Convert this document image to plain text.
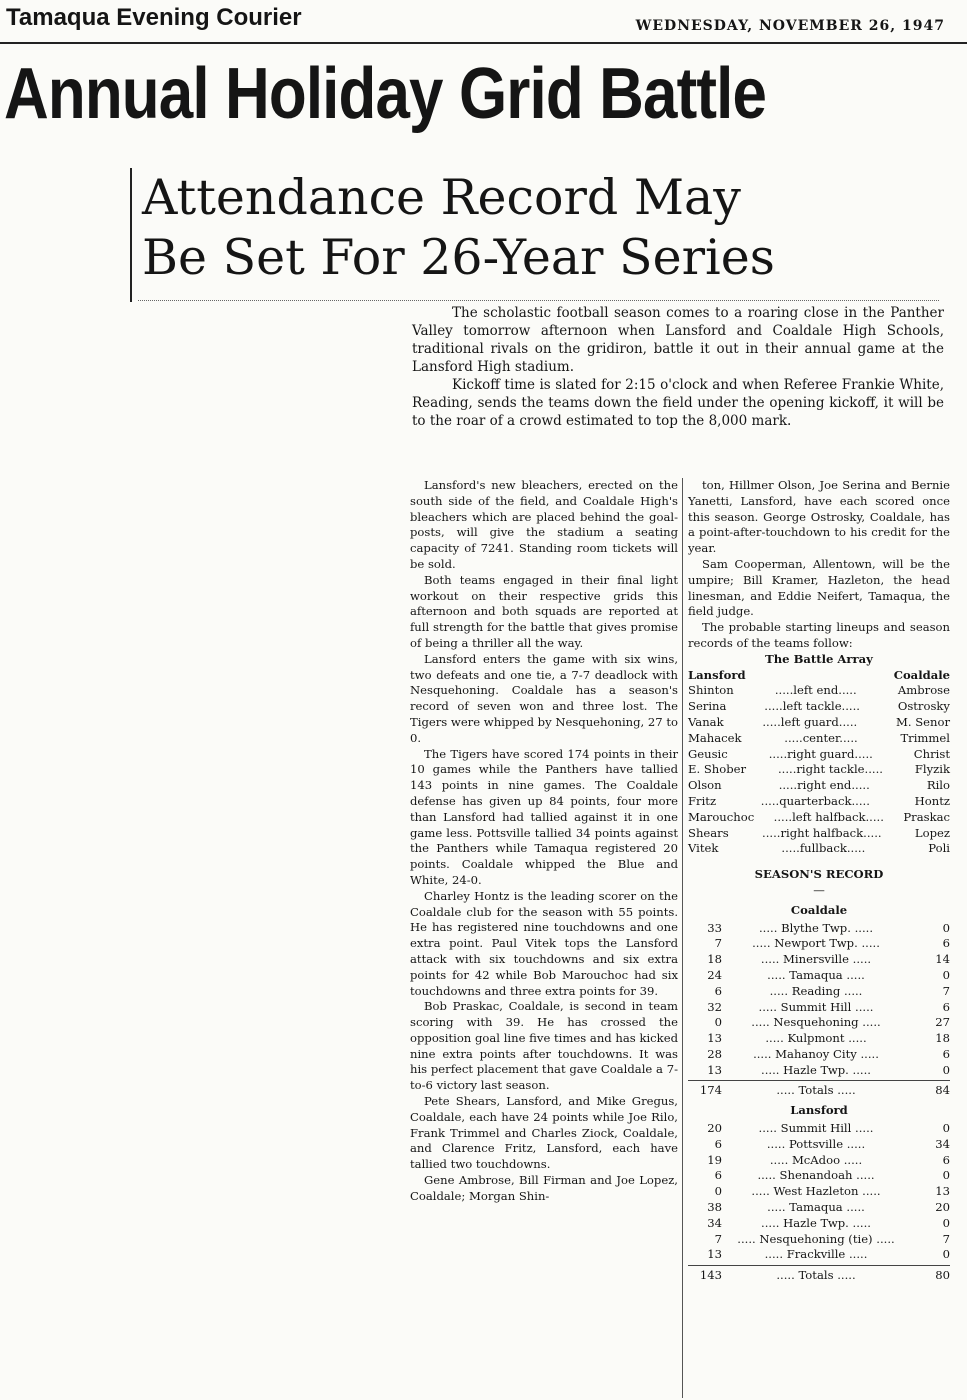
Tamaqua Evening Courier	WEDNESDAY, NOVEMBER 26, 1947
Annual Holiday Grid Battle
Attendance Record May
Be Set For 26-Year Series

The scholastic football season comes to a roaring close in the Panther Valley tomorrow afternoon when Lansford and Coaldale High Schools, traditional rivals on the gridiron, battle it out in their annual game at the Lansford High stadium.

Kickoff time is slated for 2:15 o'clock and when Referee Frankie White, Reading, sends the teams down the field under the opening kickoff, it will be to the roar of a crowd estimated to top the 8,000 mark.

Lansford's new bleachers, erected on the south side of the field, and Coaldale High's bleachers which are placed behind the goal-posts, will give the stadium a seating capacity of 7241. Standing room tickets will be sold.

Both teams engaged in their final light workout on their respective grids this afternoon and both squads are reported at full strength for the battle that gives promise of being a thriller all the way.

Lansford enters the game with six wins, two defeats and one tie, a 7-7 deadlock with Nesquehoning. Coaldale has a season's record of seven won and three lost. The Tigers were whipped by Nesquehoning, 27 to 0.

The Tigers have scored 174 points in their 10 games while the Panthers have tallied 143 points in nine games. The Coaldale defense has given up 84 points, four more than Lansford had tallied against it in one game less. Pottsville tallied 34 points against the Panthers while Tamaqua registered 20 points. Coaldale whipped the Blue and White, 24-0.

Charley Hontz is the leading scorer on the Coaldale club for the season with 55 points. He has registered nine touchdowns and one extra point. Paul Vitek tops the Lansford attack with six touchdowns and six extra points for 42 while Bob Marouchoc had six touchdowns and three extra points for 39.

Bob Praskac, Coaldale, is second in team scoring with 39. He has crossed the opposition goal line five times and has kicked nine extra points after touchdowns. It was his perfect placement that gave Coaldale a 7-to-6 victory last season.

Pete Shears, Lansford, and Mike Gregus, Coaldale, each have 24 points while Joe Rilo, Frank Trimmel and Charles Ziock, Coaldale, and Clarence Fritz, Lansford, each have tallied two touchdowns.

Gene Ambrose, Bill Firman and Joe Lopez, Coaldale; Morgan Shin-

ton, Hillmer Olson, Joe Serina and Bernie Yanetti, Lansford, have each scored once this season. George Ostrosky, Coaldale, has a point-after-touchdown to his credit for the year.

Sam Cooperman, Allentown, will be the umpire; Bill Kramer, Hazleton, the head linesman, and Eddie Neifert, Tamaqua, the field judge.

The probable starting lineups and season records of the teams follow:

The Battle Array
Lansford	Coaldale
Shinton	.....left end.....	Ambrose
Serina	.....left tackle.....	Ostrosky
Vanak	.....left guard.....	M. Senor
Mahacek	.....center.....	Trimmel
Geusic	.....right guard.....	Christ
E. Shober	.....right tackle.....	Flyzik
Olson	.....right end.....	Rilo
Fritz	.....quarterback.....	Hontz
Marouchoc .....left halfback..... Praskac
Shears	.....right halfback.....	Lopez
Vitek	.....fullback.....	Poli
SEASON'S RECORD
—
Coaldale
33	..... Blythe Twp. .....	0
7	..... Newport Twp. .....	6
18	..... Minersville .....	14
24	..... Tamaqua .....	0
6	..... Reading .....	7
32	..... Summit Hill .....	6
0	..... Nesquehoning .....	27
13	..... Kulpmont .....	18
28	..... Mahanoy City .....	6
13	..... Hazle Twp. .....	0
174	..... Totals .....	84
Lansford
20	..... Summit Hill .....	0
6	..... Pottsville .....	34
19	..... McAdoo .....	6
6	..... Shenandoah .....	0
0	..... West Hazleton .....	13
38	..... Tamaqua .....	20
34	..... Hazle Twp. .....	0
7	..... Nesquehoning (tie) .....	7
13	..... Frackville .....	0
143	..... Totals .....	80
